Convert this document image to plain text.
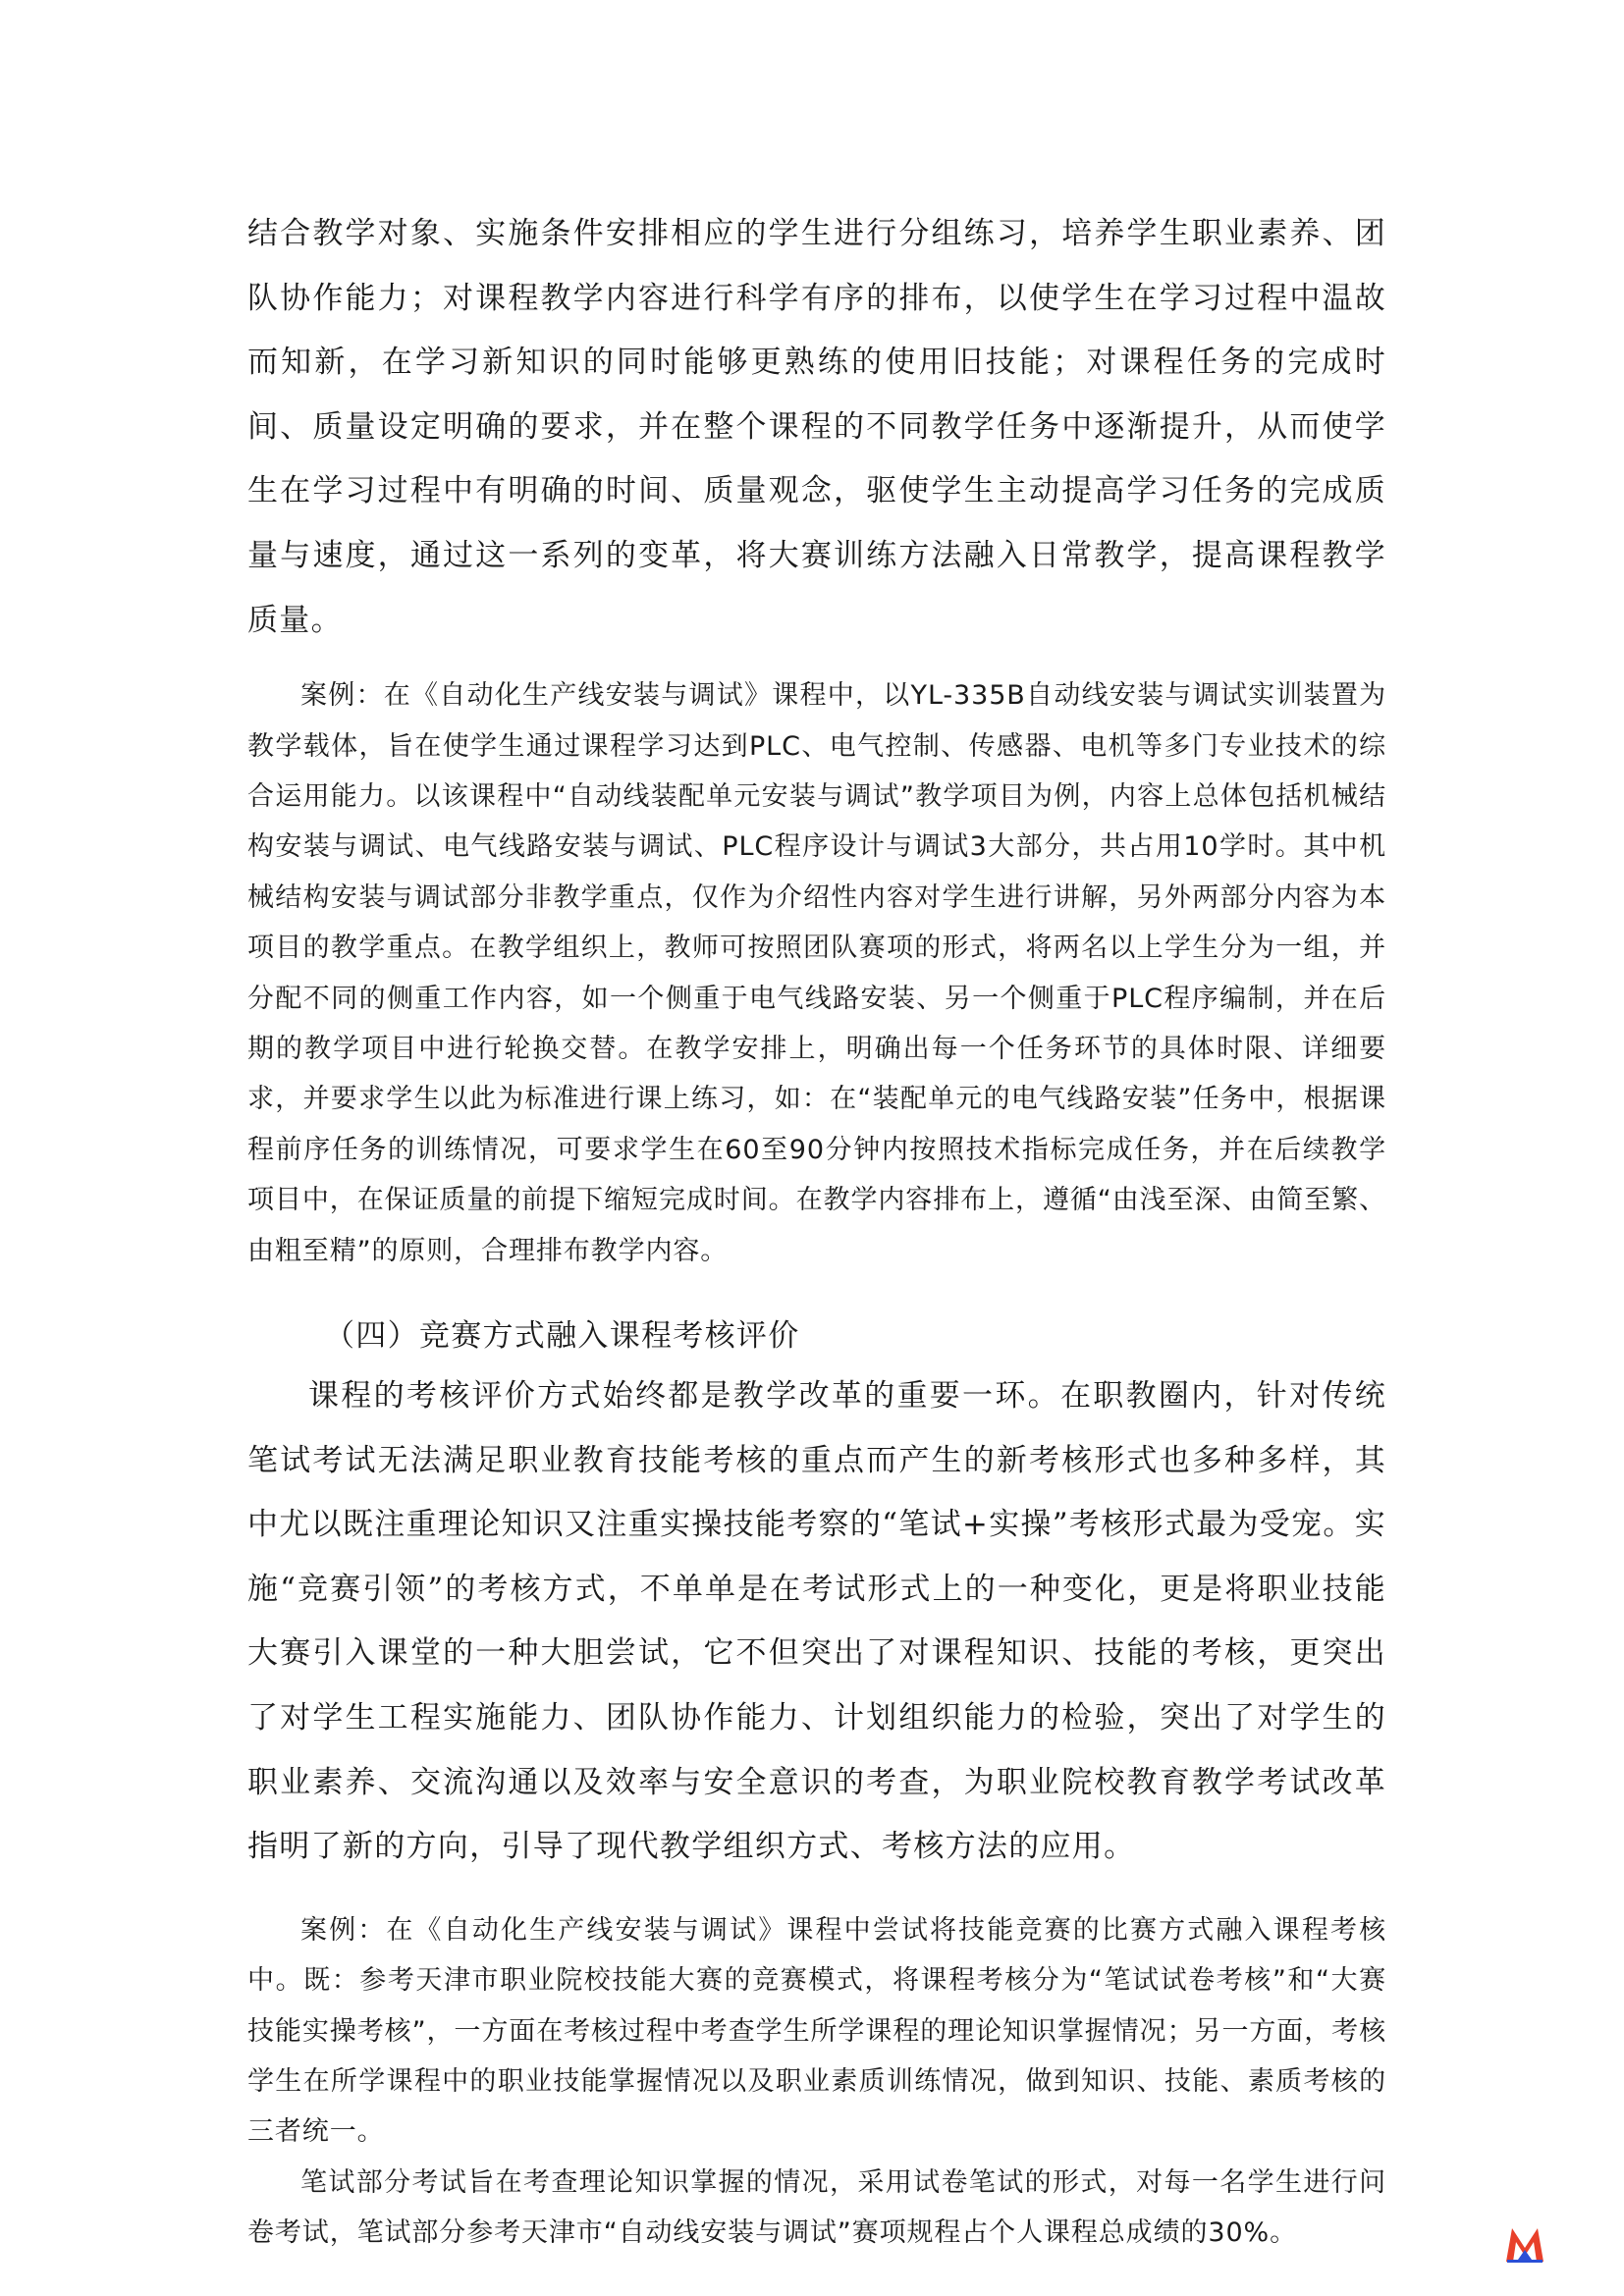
结合教学对象、实施条件安排相应的学生进行分组练习，培养学生职业素养、团队协作能力；对课程教学内容进行科学有序的排布，以使学生在学习过程中温故而知新，在学习新知识的同时能够更熟练的使用旧技能；对课程任务的完成时间、质量设定明确的要求，并在整个课程的不同教学任务中逐渐提升，从而使学生在学习过程中有明确的时间、质量观念，驱使学生主动提高学习任务的完成质量与速度，通过这一系列的变革，将大赛训练方法融入日常教学，提高课程教学质量。

案例：在《自动化生产线安装与调试》课程中，以YL-335B自动线安装与调试实训装置为教学载体，旨在使学生通过课程学习达到PLC、电气控制、传感器、电机等多门专业技术的综合运用能力。以该课程中“自动线装配单元安装与调试”教学项目为例，内容上总体包括机械结构安装与调试、电气线路安装与调试、PLC程序设计与调试3大部分，共占用10学时。其中机械结构安装与调试部分非教学重点，仅作为介绍性内容对学生进行讲解，另外两部分内容为本项目的教学重点。在教学组织上，教师可按照团队赛项的形式，将两名以上学生分为一组，并分配不同的侧重工作内容，如一个侧重于电气线路安装、另一个侧重于PLC程序编制，并在后期的教学项目中进行轮换交替。在教学安排上，明确出每一个任务环节的具体时限、详细要求，并要求学生以此为标准进行课上练习，如：在“装配单元的电气线路安装”任务中，根据课程前序任务的训练情况，可要求学生在60至90分钟内按照技术指标完成任务，并在后续教学项目中，在保证质量的前提下缩短完成时间。在教学内容排布上，遵循“由浅至深、由简至繁、由粗至精”的原则，合理排布教学内容。

（四）竞赛方式融入课程考核评价

课程的考核评价方式始终都是教学改革的重要一环。在职教圈内，针对传统笔试考试无法满足职业教育技能考核的重点而产生的新考核形式也多种多样，其中尤以既注重理论知识又注重实操技能考察的“笔试+实操”考核形式最为受宠。实施“竞赛引领”的考核方式，不单单是在考试形式上的一种变化，更是将职业技能大赛引入课堂的一种大胆尝试，它不但突出了对课程知识、技能的考核，更突出了对学生工程实施能力、团队协作能力、计划组织能力的检验，突出了对学生的职业素养、交流沟通以及效率与安全意识的考查，为职业院校教育教学考试改革指明了新的方向，引导了现代教学组织方式、考核方法的应用。

案例：在《自动化生产线安装与调试》课程中尝试将技能竞赛的比赛方式融入课程考核中。既：参考天津市职业院校技能大赛的竞赛模式，将课程考核分为“笔试试卷考核”和“大赛技能实操考核”，一方面在考核过程中考查学生所学课程的理论知识掌握情况；另一方面，考核学生在所学课程中的职业技能掌握情况以及职业素质训练情况，做到知识、技能、素质考核的三者统一。

笔试部分考试旨在考查理论知识掌握的情况，采用试卷笔试的形式，对每一名学生进行问卷考试，笔试部分参考天津市“自动线安装与调试”赛项规程占个人课程总成绩的30%。
